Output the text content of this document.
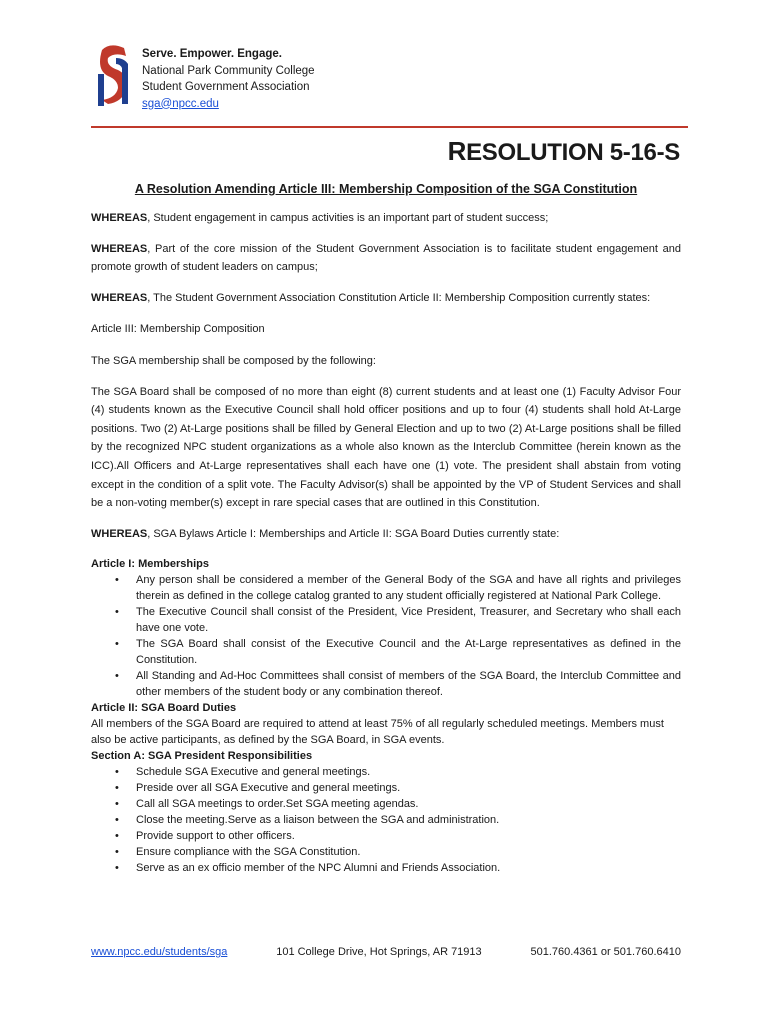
Serve. Empower. Engage.
National Park Community College
Student Government Association
sga@npcc.edu
RESOLUTION 5-16-S
A Resolution Amending Article III: Membership Composition of the SGA Constitution

WHEREAS, Student engagement in campus activities is an important part of student success;

WHEREAS, Part of the core mission of the Student Government Association is to facilitate student engagement and promote growth of student leaders on campus;

WHEREAS, The Student Government Association Constitution Article II: Membership Composition currently states:

Article III: Membership Composition

The SGA membership shall be composed by the following:

The SGA Board shall be composed of no more than eight (8) current students and at least one (1) Faculty Advisor Four (4) students known as the Executive Council shall hold officer positions and up to four (4) students shall hold At-Large positions. Two (2) At-Large positions shall be filled by General Election and up to two (2) At-Large positions shall be filled by the recognized NPC student organizations as a whole also known as the Interclub Committee (herein known as the ICC).All Officers and At-Large representatives shall each have one (1) vote. The president shall abstain from voting except in the condition of a split vote. The Faculty Advisor(s) shall be appointed by the VP of Student Services and shall be a non-voting member(s) except in rare special cases that are outlined in this Constitution.

WHEREAS, SGA Bylaws Article I: Memberships and Article II: SGA Board Duties currently state:

Article I: Memberships

• Any person shall be considered a member of the General Body of the SGA and have all rights and privileges therein as defined in the college catalog granted to any student officially registered at National Park College.
• The Executive Council shall consist of the President, Vice President, Treasurer, and Secretary who shall each have one vote.
• The SGA Board shall consist of the Executive Council and the At-Large representatives as defined in the Constitution.
• All Standing and Ad-Hoc Committees shall consist of members of the SGA Board, the Interclub Committee and other members of the student body or any combination thereof.

Article II: SGA Board Duties

All members of the SGA Board are required to attend at least 75% of all regularly scheduled meetings. Members must also be active participants, as defined by the SGA Board, in SGA events.

Section A: SGA President Responsibilities

• Schedule SGA Executive and general meetings.
• Preside over all SGA Executive and general meetings.
• Call all SGA meetings to order.Set SGA meeting agendas.
• Close the meeting.Serve as a liaison between the SGA and administration.
• Provide support to other officers.
• Ensure compliance with the SGA Constitution.
• Serve as an ex officio member of the NPC Alumni and Friends Association.
www.npcc.edu/students/sga	101 College Drive, Hot Springs, AR 71913	501.760.4361 or 501.760.6410
